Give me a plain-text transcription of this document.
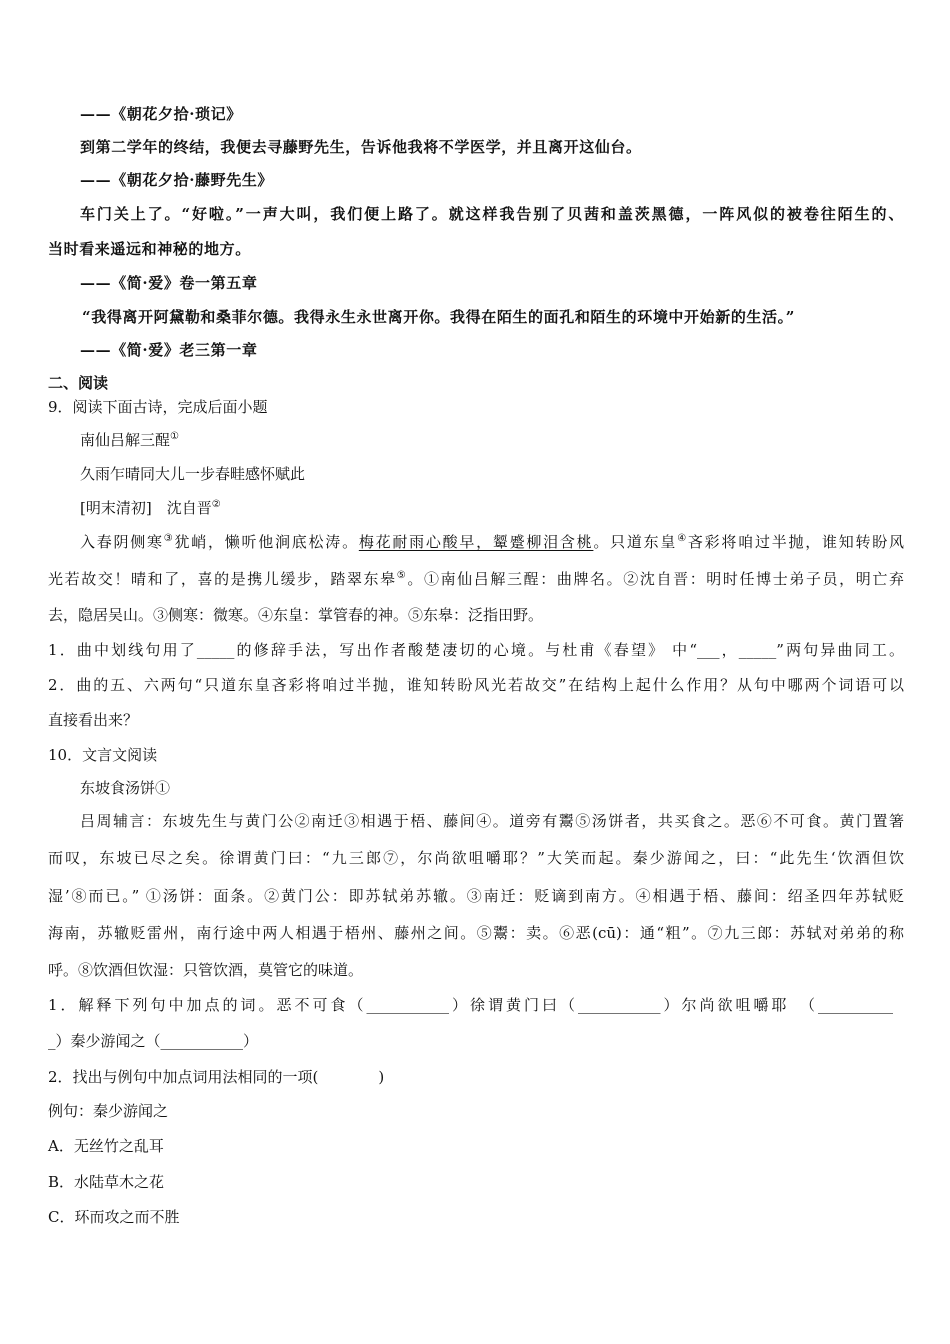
——《朝花夕拾·琐记》
到第二学年的终结，我便去寻藤野先生，告诉他我将不学医学，并且离开这仙台。
——《朝花夕拾·藤野先生》
车门关上了。“好啦。”一声大叫，我们便上路了。就这样我告别了贝茜和盖茨黑德，一阵风似的被卷往陌生的、
当时看来遥远和神秘的地方。
——《简·爱》卷一第五章
“我得离开阿黛勒和桑菲尔德。我得永生永世离开你。我得在陌生的面孔和陌生的环境中开始新的生活。”
——《简·爱》老三第一章
二、阅读
9．阅读下面古诗，完成后面小题
南仙吕解三酲①
久雨乍晴同大儿一步春畦感怀赋此
[明末清初]　沈自晋②
入春阴侧寒③犹峭，懒听他涧底松涛。梅花耐雨心酸早，颦蹙柳泪含桃。只道东皇④吝彩将咱过半抛，谁知转盼风
光若故交！晴和了，喜的是携儿缓步，踏翠东皋⑤。①南仙吕解三酲：曲牌名。②沈自晋：明时任博士弟子员，明亡弃
去，隐居吴山。③侧寒：微寒。④东皇：掌管春的神。⑤东皋：泛指田野。
1．曲中划线句用了_____的修辞手法，写出作者酸楚凄切的心境。与杜甫《春望》 中“___，_____”两句异曲同工。
2．曲的五、六两句“只道东皇吝彩将咱过半抛，谁知转盼风光若故交”在结构上起什么作用？从句中哪两个词语可以
直接看出来？
10．文言文阅读
东坡食汤饼①
吕周辅言：东坡先生与黄门公②南迁③相遇于梧、藤间④。道旁有鬻⑤汤饼者，共买食之。恶⑥不可食。黄门置箸
而叹，东坡已尽之矣。徐谓黄门曰：“九三郎⑦，尔尚欲咀嚼耶？”大笑而起。秦少游闻之，曰：“此先生‘饮酒但饮
湿’⑧而已。” ①汤饼：面条。②黄门公：即苏轼弟苏辙。③南迁：贬谪到南方。④相遇于梧、藤间：绍圣四年苏轼贬
海南，苏辙贬雷州，南行途中两人相遇于梧州、藤州之间。⑤鬻：卖。⑥恶(cū)：通“粗”。⑦九三郎：苏轼对弟弟的称
呼。⑧饮酒但饮湿：只管饮酒，莫管它的味道。
1．解释下列句中加点的词。恶不可食（___________）徐谓黄门曰（___________）尔尚欲咀嚼耶　（__________
_）秦少游闻之（___________）
2．找出与例句中加点词用法相同的一项(　　　　)
例句：秦少游闻之
A．无丝竹之乱耳
B．水陆草木之花
C．环而攻之而不胜
